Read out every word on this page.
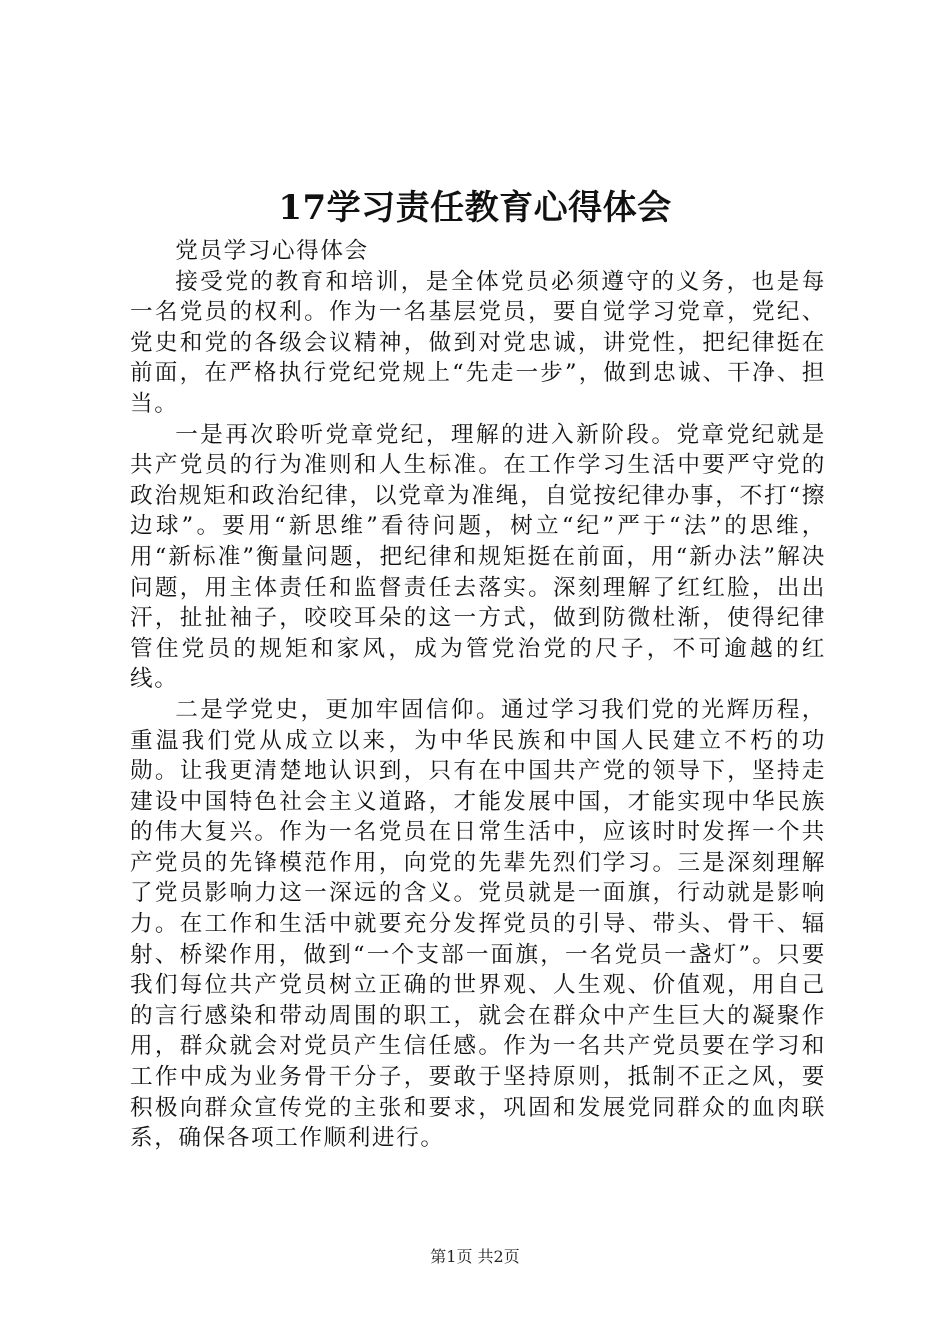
17学习责任教育心得体会

党员学习心得体会

接受党的教育和培训，是全体党员必须遵守的义务，也是每一名党员的权利。作为一名基层党员，要自觉学习党章，党纪、党史和党的各级会议精神，做到对党忠诚，讲党性，把纪律挺在前面，在严格执行党纪党规上“先走一步”，做到忠诚、干净、担当。

一是再次聆听党章党纪，理解的进入新阶段。党章党纪就是共产党员的行为准则和人生标准。在工作学习生活中要严守党的政治规矩和政治纪律，以党章为准绳，自觉按纪律办事，不打“擦边球”。要用“新思维”看待问题，树立“纪”严于“法”的思维，用“新标准”衡量问题，把纪律和规矩挺在前面，用“新办法”解决问题，用主体责任和监督责任去落实。深刻理解了红红脸，出出汗，扯扯袖子，咬咬耳朵的这一方式，做到防微杜渐，使得纪律管住党员的规矩和家风，成为管党治党的尺子，不可逾越的红线。

二是学党史，更加牢固信仰。通过学习我们党的光辉历程，重温我们党从成立以来，为中华民族和中国人民建立不朽的功勋。让我更清楚地认识到，只有在中国共产党的领导下，坚持走建设中国特色社会主义道路，才能发展中国，才能实现中华民族的伟大复兴。作为一名党员在日常生活中，应该时时发挥一个共产党员的先锋模范作用，向党的先辈先烈们学习。三是深刻理解了党员影响力这一深远的含义。党员就是一面旗，行动就是影响力。在工作和生活中就要充分发挥党员的引导、带头、骨干、辐射、桥梁作用，做到“一个支部一面旗，一名党员一盏灯”。只要我们每位共产党员树立正确的世界观、人生观、价值观，用自己的言行感染和带动周围的职工，就会在群众中产生巨大的凝聚作用，群众就会对党员产生信任感。作为一名共产党员要在学习和工作中成为业务骨干分子，要敢于坚持原则，抵制不正之风，要积极向群众宣传党的主张和要求，巩固和发展党同群众的血肉联系，确保各项工作顺利进行。

第1页 共2页
